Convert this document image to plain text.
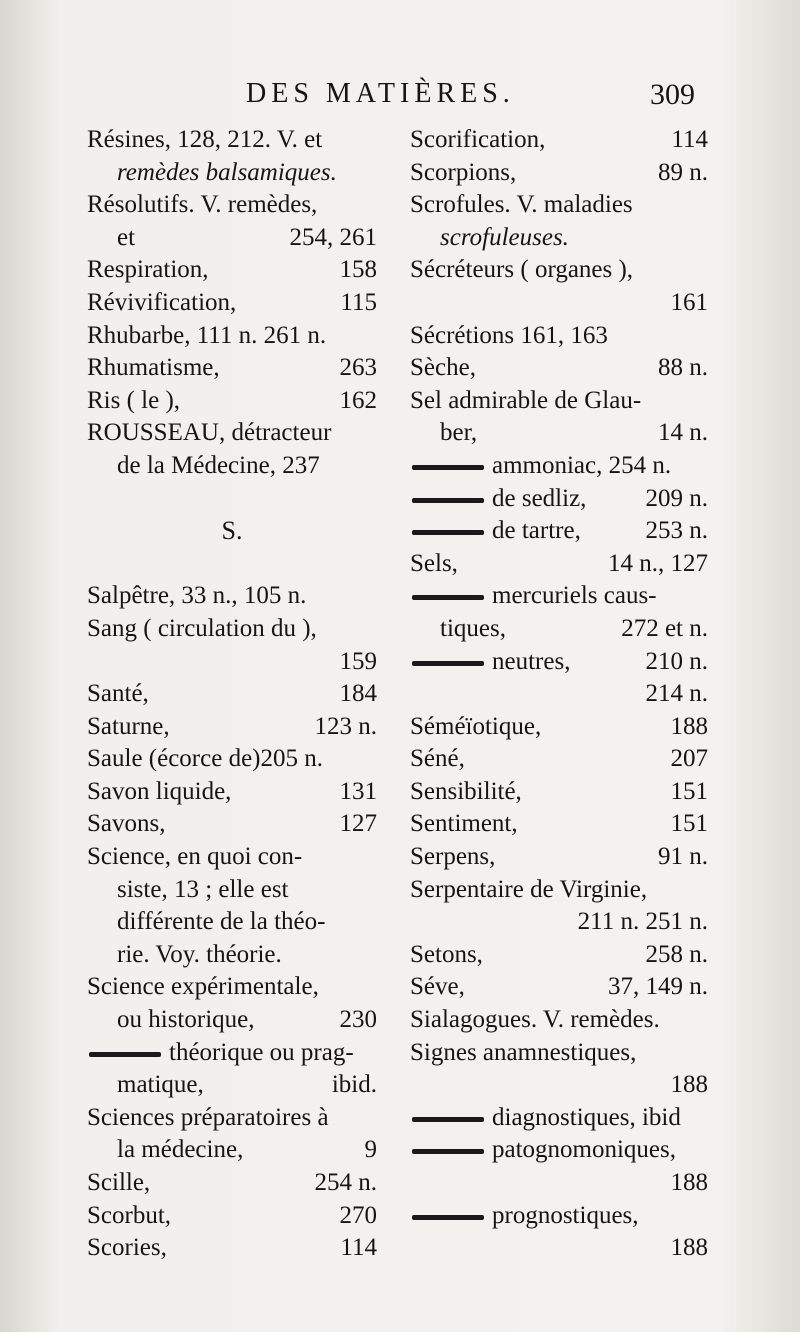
DES MATIÈRES.	309
Résines, 128, 212. V. et
remèdes balsamiques.
Résolutifs. V. remèdes,
et	254, 261
Respiration,	158
Révivification,	115
Rhubarbe, 111 n. 261 n.
Rhumatisme,	263
Ris ( le ),	162
ROUSSEAU, détracteur
de la Médecine, 237
S.
Salpêtre, 33 n., 105 n.
Sang ( circulation du ),
159
Santé,	184
Saturne,	123 n.
Saule (écorce de)205 n.
Savon liquide,	131
Savons,	127
Science, en quoi con-
siste, 13 ; elle est
différente de la théo-
rie. Voy. théorie.
Science expérimentale,
ou historique,	230
théorique ou prag-
matique,	ibid.
Sciences préparatoires à
la médecine,	9
Scille,	254 n.
Scorbut,	270
Scories,	114
Scorification,	114
Scorpions,	89 n.
Scrofules. V. maladies
scrofuleuses.
Sécréteurs ( organes ),
161
Sécrétions 161, 163
Sèche,	88 n.
Sel admirable de Glau-
ber,	14 n.
ammoniac, 254 n.
de sedliz, 209 n.
de tartre,	253 n.
Sels,	14 n., 127
mercuriels caus-
tiques,	272 et n.
neutres,	210 n.
214 n.
Séméïotique,	188
Séné,	207
Sensibilité,	151
Sentiment,	151
Serpens,	91 n.
Serpentaire de Virginie,
211 n. 251 n.
Setons,	258 n.
Séve,	37, 149 n.
Sialagogues. V. remèdes.
Signes anamnestiques,
188
diagnostiques, ibid
patognomoniques,
188
prognostiques,
188
